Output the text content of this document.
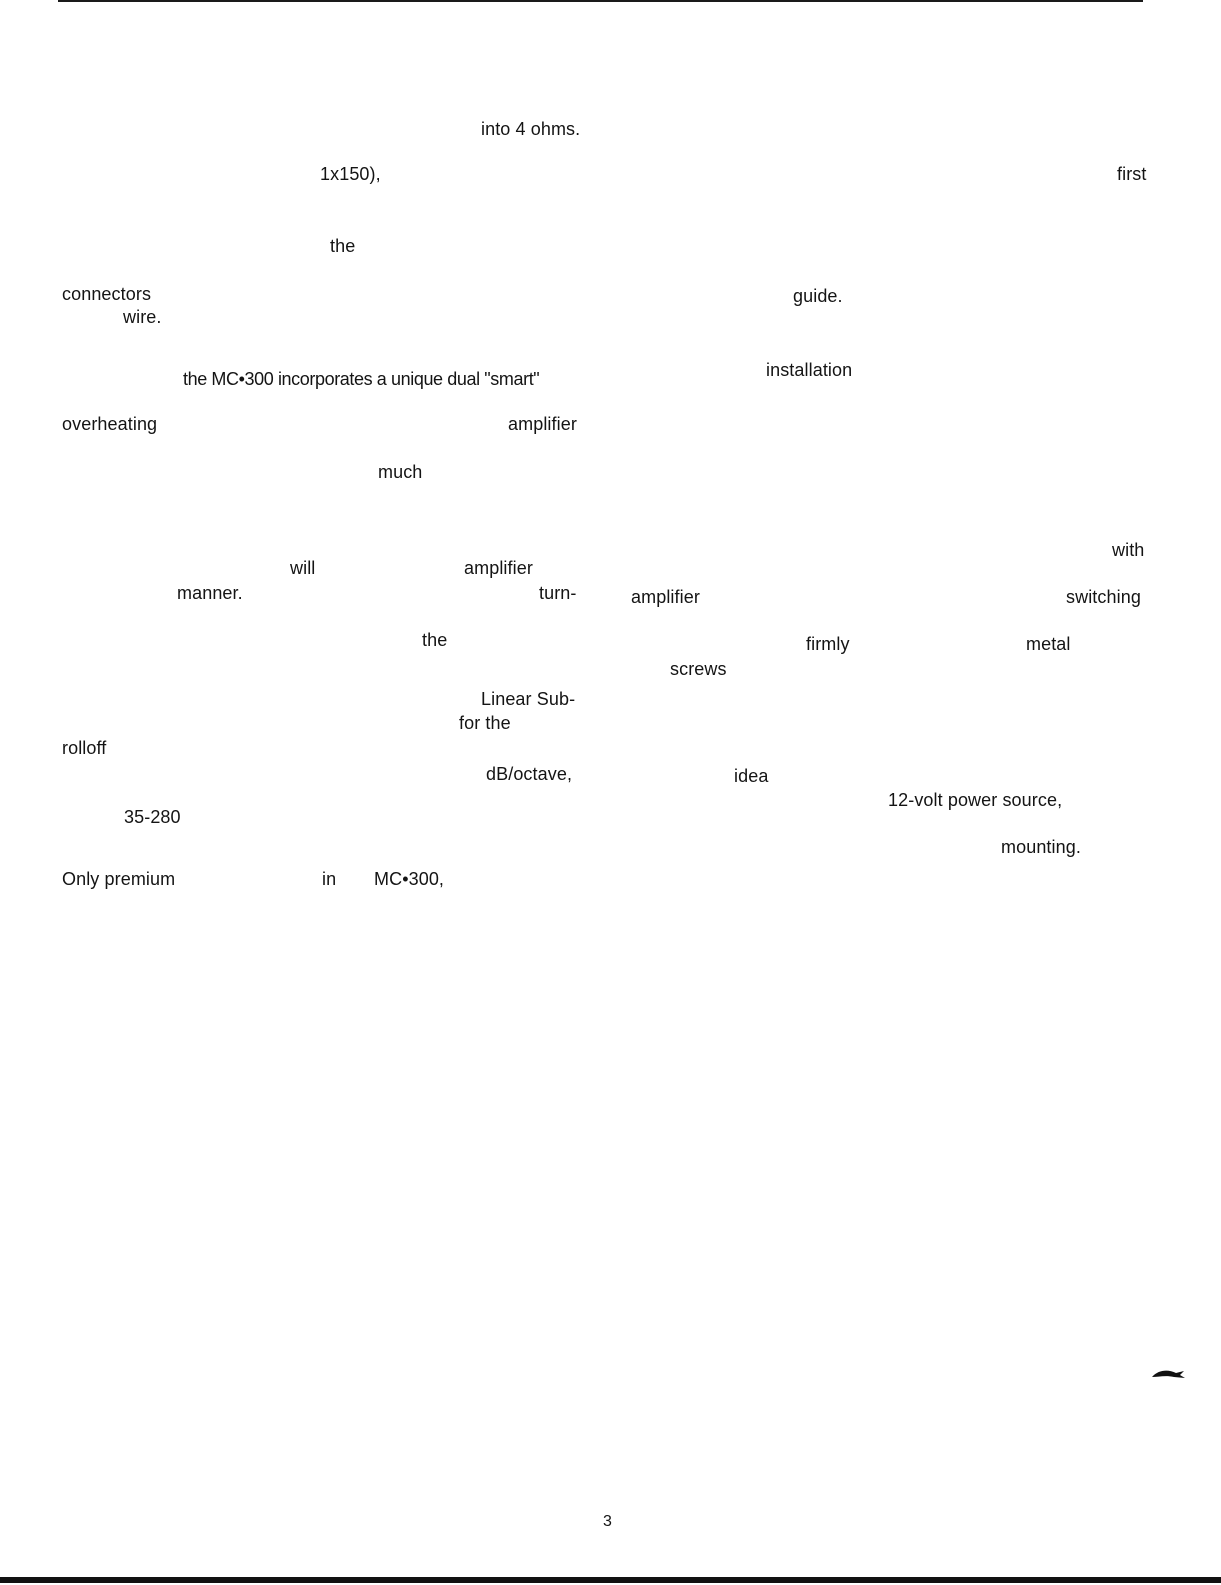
into 4 ohms.
1x150),
the
connectors
wire.
the MC•300 incorporates a unique dual "smart"
overheating	amplifier
much
will	amplifier
manner.	turn-
the
Linear Sub-
for the
rolloff
dB/octave,
35-280
Only premium	in MC•300,
first
guide.
installation
with
amplifier	switching
firmly	metal
screws
idea
12-volt power source,
mounting.
3
